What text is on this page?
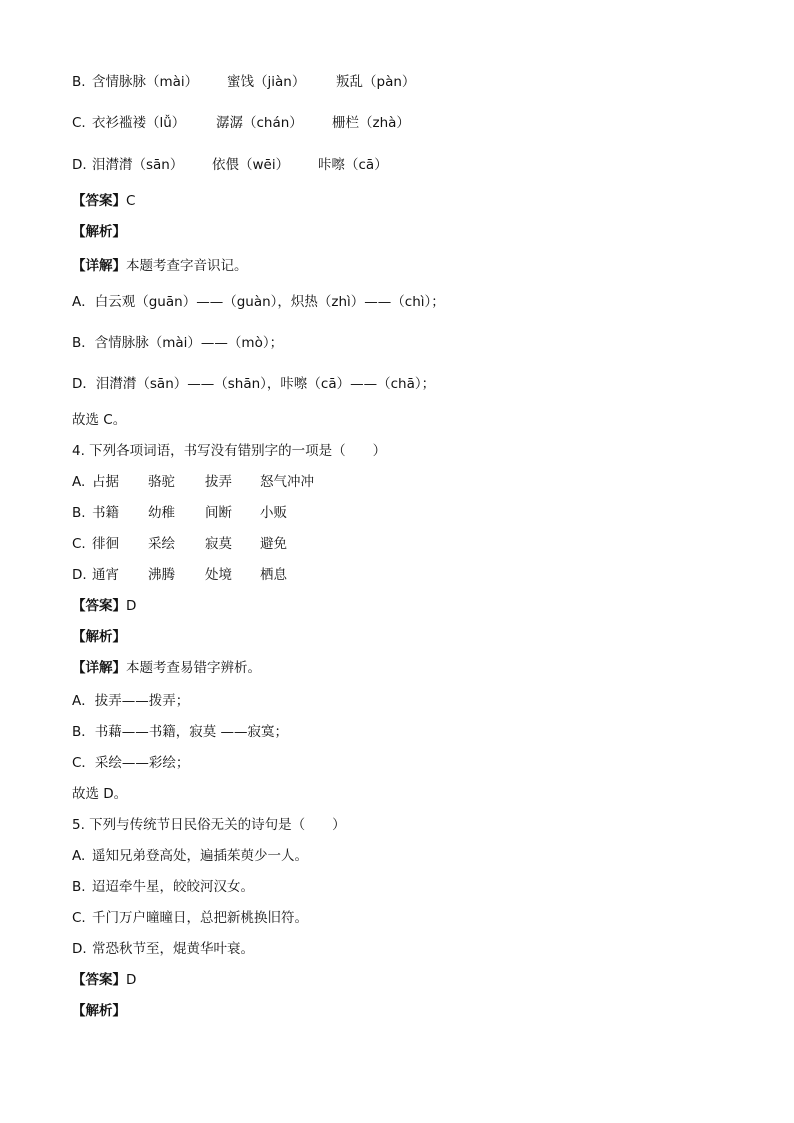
B. 含情脉脉（mài） 蜜饯（jiàn） 叛乱（pàn）
C. 衣衫褴褛（lǚ） 潺潺（chán） 栅栏（zhà）
D. 泪潸潸（sān） 依偎（wēi） 咔嚓（cā）
【答案】C
【解析】
【详解】本题考查字音识记。
A．白云观（guān）——（guàn），炽热（zhì）——（chì）；
B．含情脉脉（mài）——（mò）；
D．泪潸潸（sān）——（shān），咔嚓（cā）——（chā）；
故选 C。
4. 下列各项词语，书写没有错别字的一项是（　　）
A. 占据 骆驼 拔弄 怒气冲冲
B. 书籍 幼稚 间断 小贩
C. 徘徊 采绘 寂莫 避免
D. 通宵 沸腾 处境 栖息
【答案】D
【解析】
【详解】本题考查易错字辨析。
A．拔弄——拨弄；
B．书藉——书籍，寂莫 ——寂寞；
C．采绘——彩绘；
故选 D。
5. 下列与传统节日民俗无关的诗句是（　　）
A. 遥知兄弟登高处，遍插茱萸少一人。
B. 迢迢牵牛星，皎皎河汉女。
C. 千门万户曈曈日，总把新桃换旧符。
D. 常恐秋节至，焜黄华叶衰。
【答案】D
【解析】
